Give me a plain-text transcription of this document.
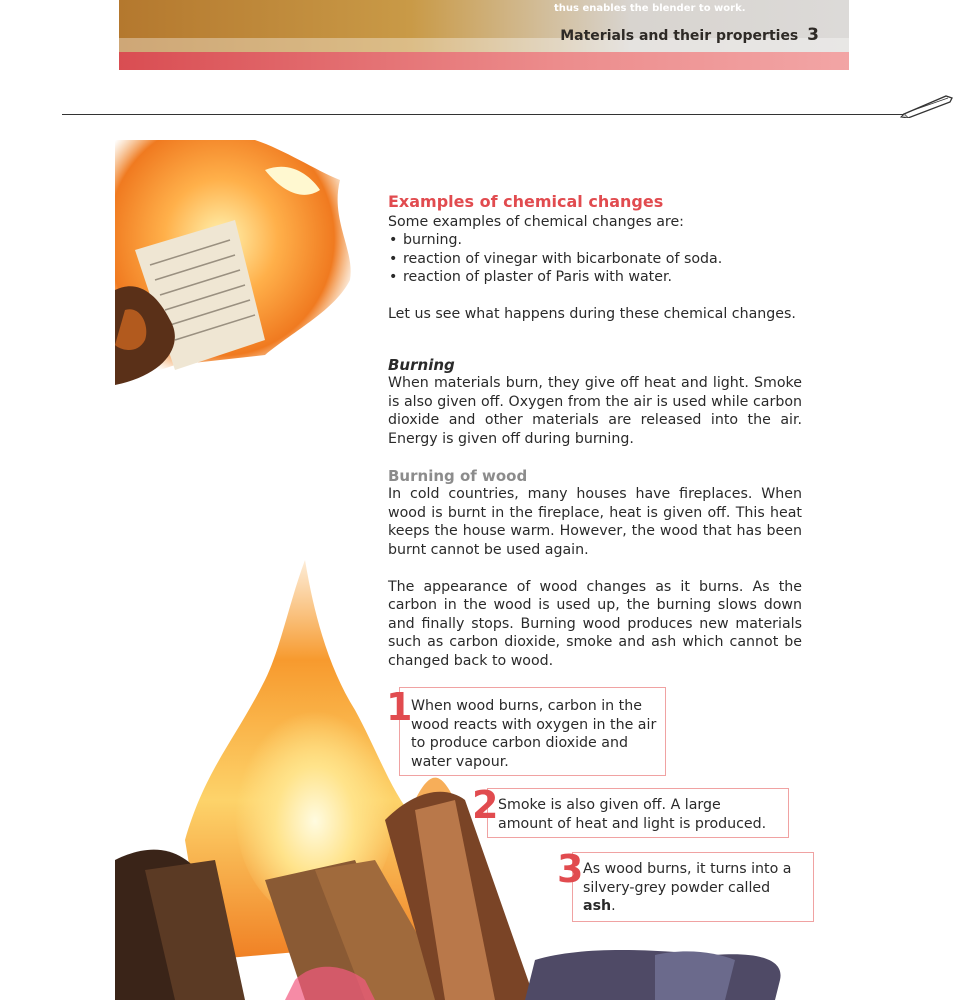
thus enables the blender to work.
Materials and their properties 3
Examples of chemical changes

Some examples of chemical changes are:

• burning.
• reaction of vinegar with bicarbonate of soda.
• reaction of plaster of Paris with water.

Let us see what happens during these chemical changes.

Burning

When materials burn, they give off heat and light. Smoke is also given off. Oxygen from the air is used while carbon dioxide and other materials are released into the air. Energy is given off during burning.

Burning of wood

In cold countries, many houses have fireplaces. When wood is burnt in the fireplace, heat is given off. This heat keeps the house warm. However, the wood that has been burnt cannot be used again.

The appearance of wood changes as it burns. As the carbon in the wood is used up, the burning slows down and finally stops. Burning wood produces new materials such as carbon dioxide, smoke and ash which cannot be changed back to wood.

1
When wood burns, carbon in the wood reacts with oxygen in the air to produce carbon dioxide and water vapour.
2 Smoke is also given off. A large amount of heat and light is produced.
3 As wood burns, it turns into a silvery-grey powder called ash.
